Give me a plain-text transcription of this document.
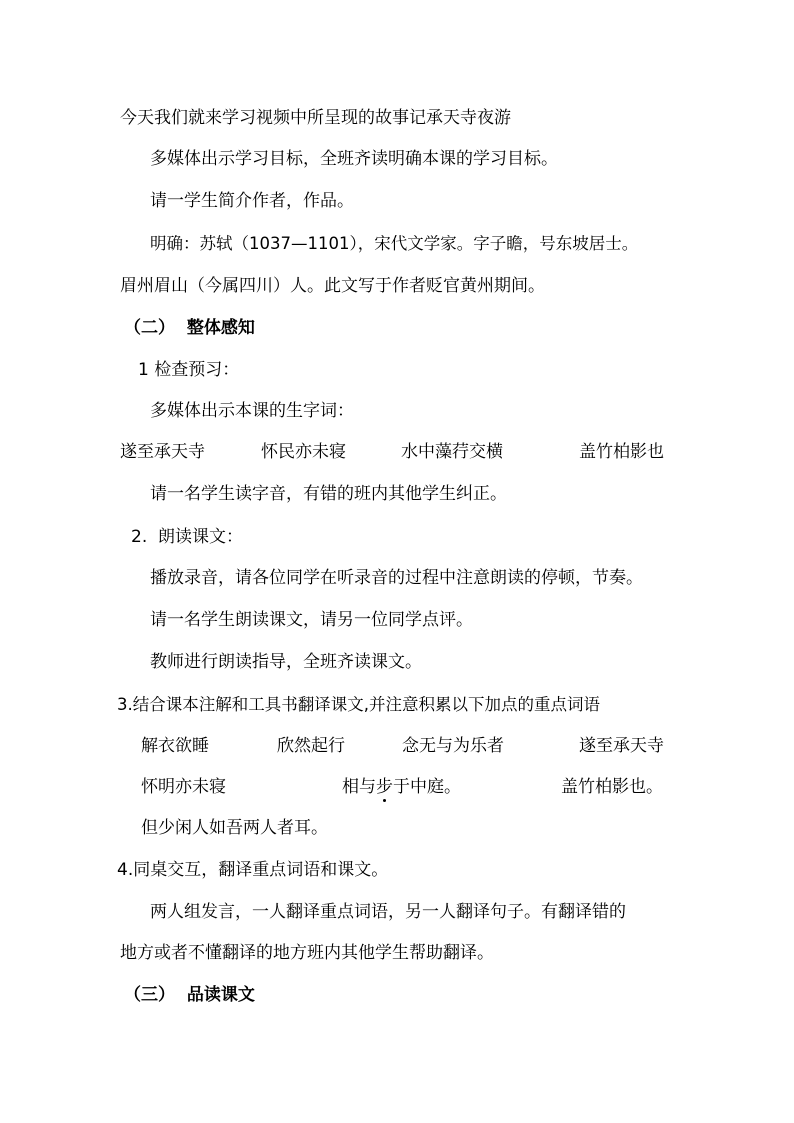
今天我们就来学习视频中所呈现的故事记承天寺夜游
多媒体出示学习目标，全班齐读明确本课的学习目标。
请一学生简介作者，作品。
明确：苏轼（1037—1101），宋代文学家。字子瞻，号东坡居士。
眉州眉山（今属四川）人。此文写于作者贬官黄州期间。
（二）  整体感知
1 检查预习：
多媒体出示本课的生字词：
遂至承天寺	怀民亦未寝	水中藻荇交横	盖竹柏影也
请一名学生读字音，有错的班内其他学生纠正。
2.  朗读课文：
播放录音，请各位同学在听录音的过程中注意朗读的停顿，节奏。
请一名学生朗读课文，请另一位同学点评。
教师进行朗读指导，全班齐读课文。
3.结合课本注解和工具书翻译课文,并注意积累以下加点的重点词语
解衣欲睡	欣然起行	念无与为乐者	遂至承天寺
怀明亦未寝	相与步于中庭。	盖竹柏影也。
但少闲人如吾两人者耳。
4.同桌交互，翻译重点词语和课文。
两人组发言，一人翻译重点词语，另一人翻译句子。有翻译错的
地方或者不懂翻译的地方班内其他学生帮助翻译。
（三）  品读课文
